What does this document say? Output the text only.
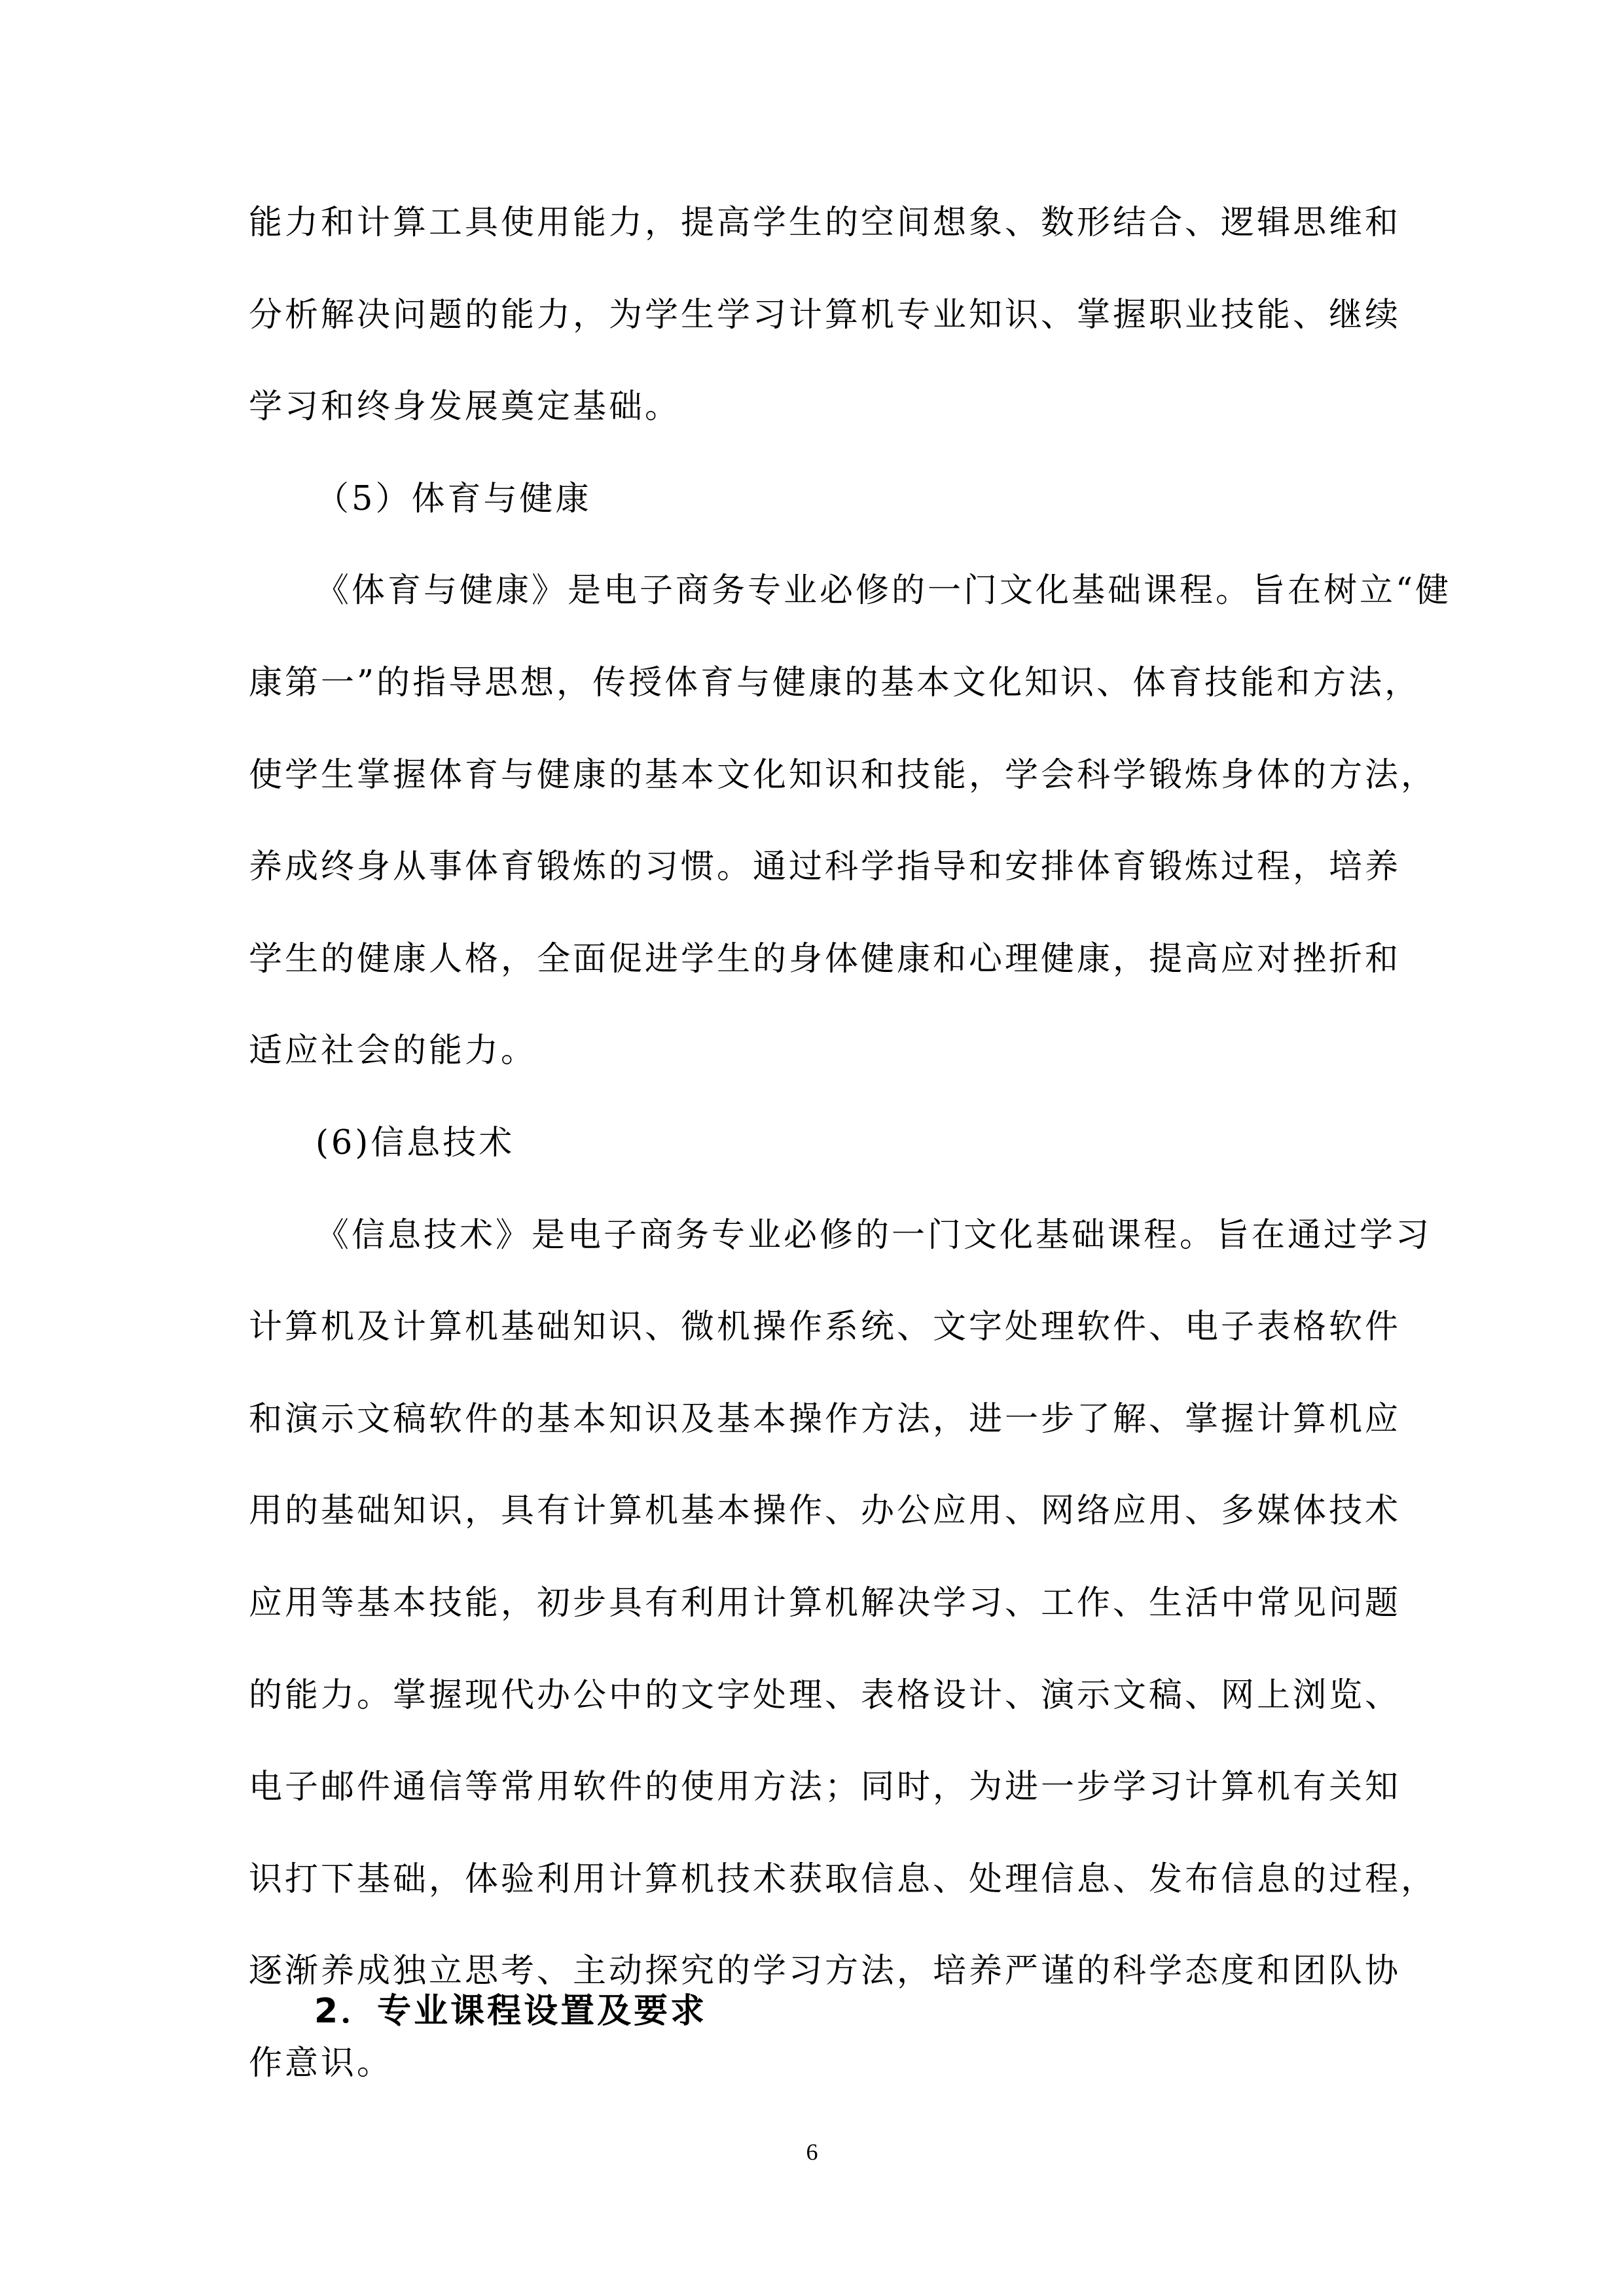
能力和计算工具使用能力，提高学生的空间想象、数形结合、逻辑思维和
分析解决问题的能力，为学生学习计算机专业知识、掌握职业技能、继续
学习和终身发展奠定基础。
（5）体育与健康
《体育与健康》是电子商务专业必修的一门文化基础课程。旨在树立“健
康第一”的指导思想，传授体育与健康的基本文化知识、体育技能和方法，
使学生掌握体育与健康的基本文化知识和技能，学会科学锻炼身体的方法，
养成终身从事体育锻炼的习惯。通过科学指导和安排体育锻炼过程，培养
学生的健康人格，全面促进学生的身体健康和心理健康，提高应对挫折和
适应社会的能力。
(6)信息技术
《信息技术》是电子商务专业必修的一门文化基础课程。旨在通过学习
计算机及计算机基础知识、微机操作系统、文字处理软件、电子表格软件
和演示文稿软件的基本知识及基本操作方法，进一步了解、掌握计算机应
用的基础知识，具有计算机基本操作、办公应用、网络应用、多媒体技术
应用等基本技能，初步具有利用计算机解决学习、工作、生活中常见问题
的能力。掌握现代办公中的文字处理、表格设计、演示文稿、网上浏览、
电子邮件通信等常用软件的使用方法；同时，为进一步学习计算机有关知
识打下基础，体验利用计算机技术获取信息、处理信息、发布信息的过程，
逐渐养成独立思考、主动探究的学习方法，培养严谨的科学态度和团队协
作意识。
2．专业课程设置及要求
6
